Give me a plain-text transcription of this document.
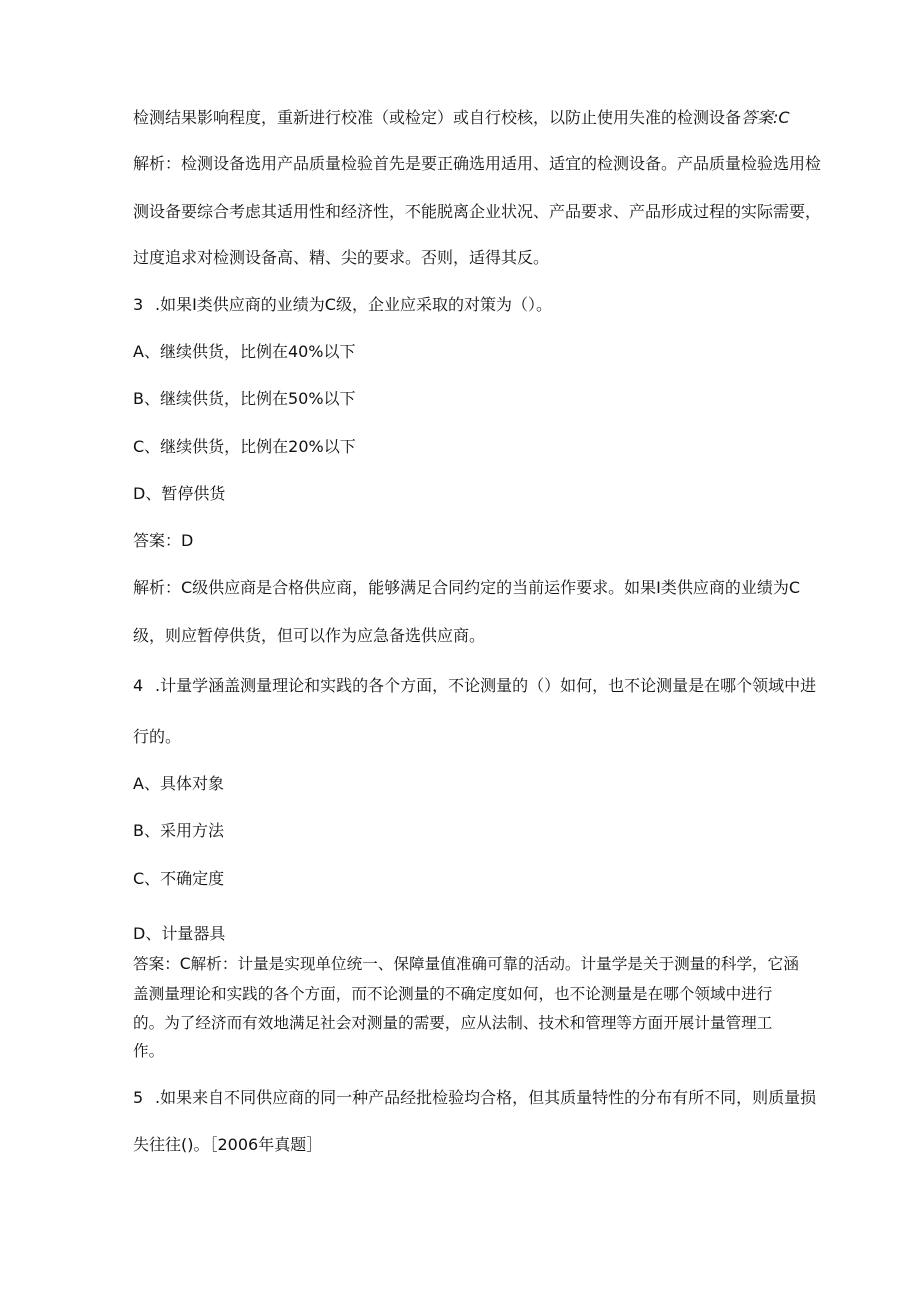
检测结果影响程度，重新进行校准（或检定）或自行校核，以防止使用失准的检测设备答案:C
解析：检测设备选用产品质量检验首先是要正确选用适用、适宜的检测设备。产品质量检验选用检
测设备要综合考虑其适用性和经济性，不能脱离企业状况、产品要求、产品形成过程的实际需要，
过度追求对检测设备高、精、尖的要求。否则，适得其反。
3 .如果I类供应商的业绩为C级，企业应采取的对策为（）。
A、继续供货，比例在40%以下
B、继续供货，比例在50%以下
C、继续供货，比例在20%以下
D、暂停供货
答案：D
解析：C级供应商是合格供应商，能够满足合同约定的当前运作要求。如果I类供应商的业绩为C
级，则应暂停供货，但可以作为应急备选供应商。
4 .计量学涵盖测量理论和实践的各个方面，不论测量的（）如何，也不论测量是在哪个领域中进
行的。
A、具体对象
B、采用方法
C、不确定度
D、计量器具
答案：C解析：计量是实现单位统一、保障量值准确可靠的活动。计量学是关于测量的科学，它涵
盖测量理论和实践的各个方面，而不论测量的不确定度如何，也不论测量是在哪个领域中进行
的。为了经济而有效地满足社会对测量的需要，应从法制、技术和管理等方面开展计量管理工
作。
5 .如果来自不同供应商的同一种产品经批检验均合格，但其质量特性的分布有所不同，则质量损
失往往()。［2006年真题］
